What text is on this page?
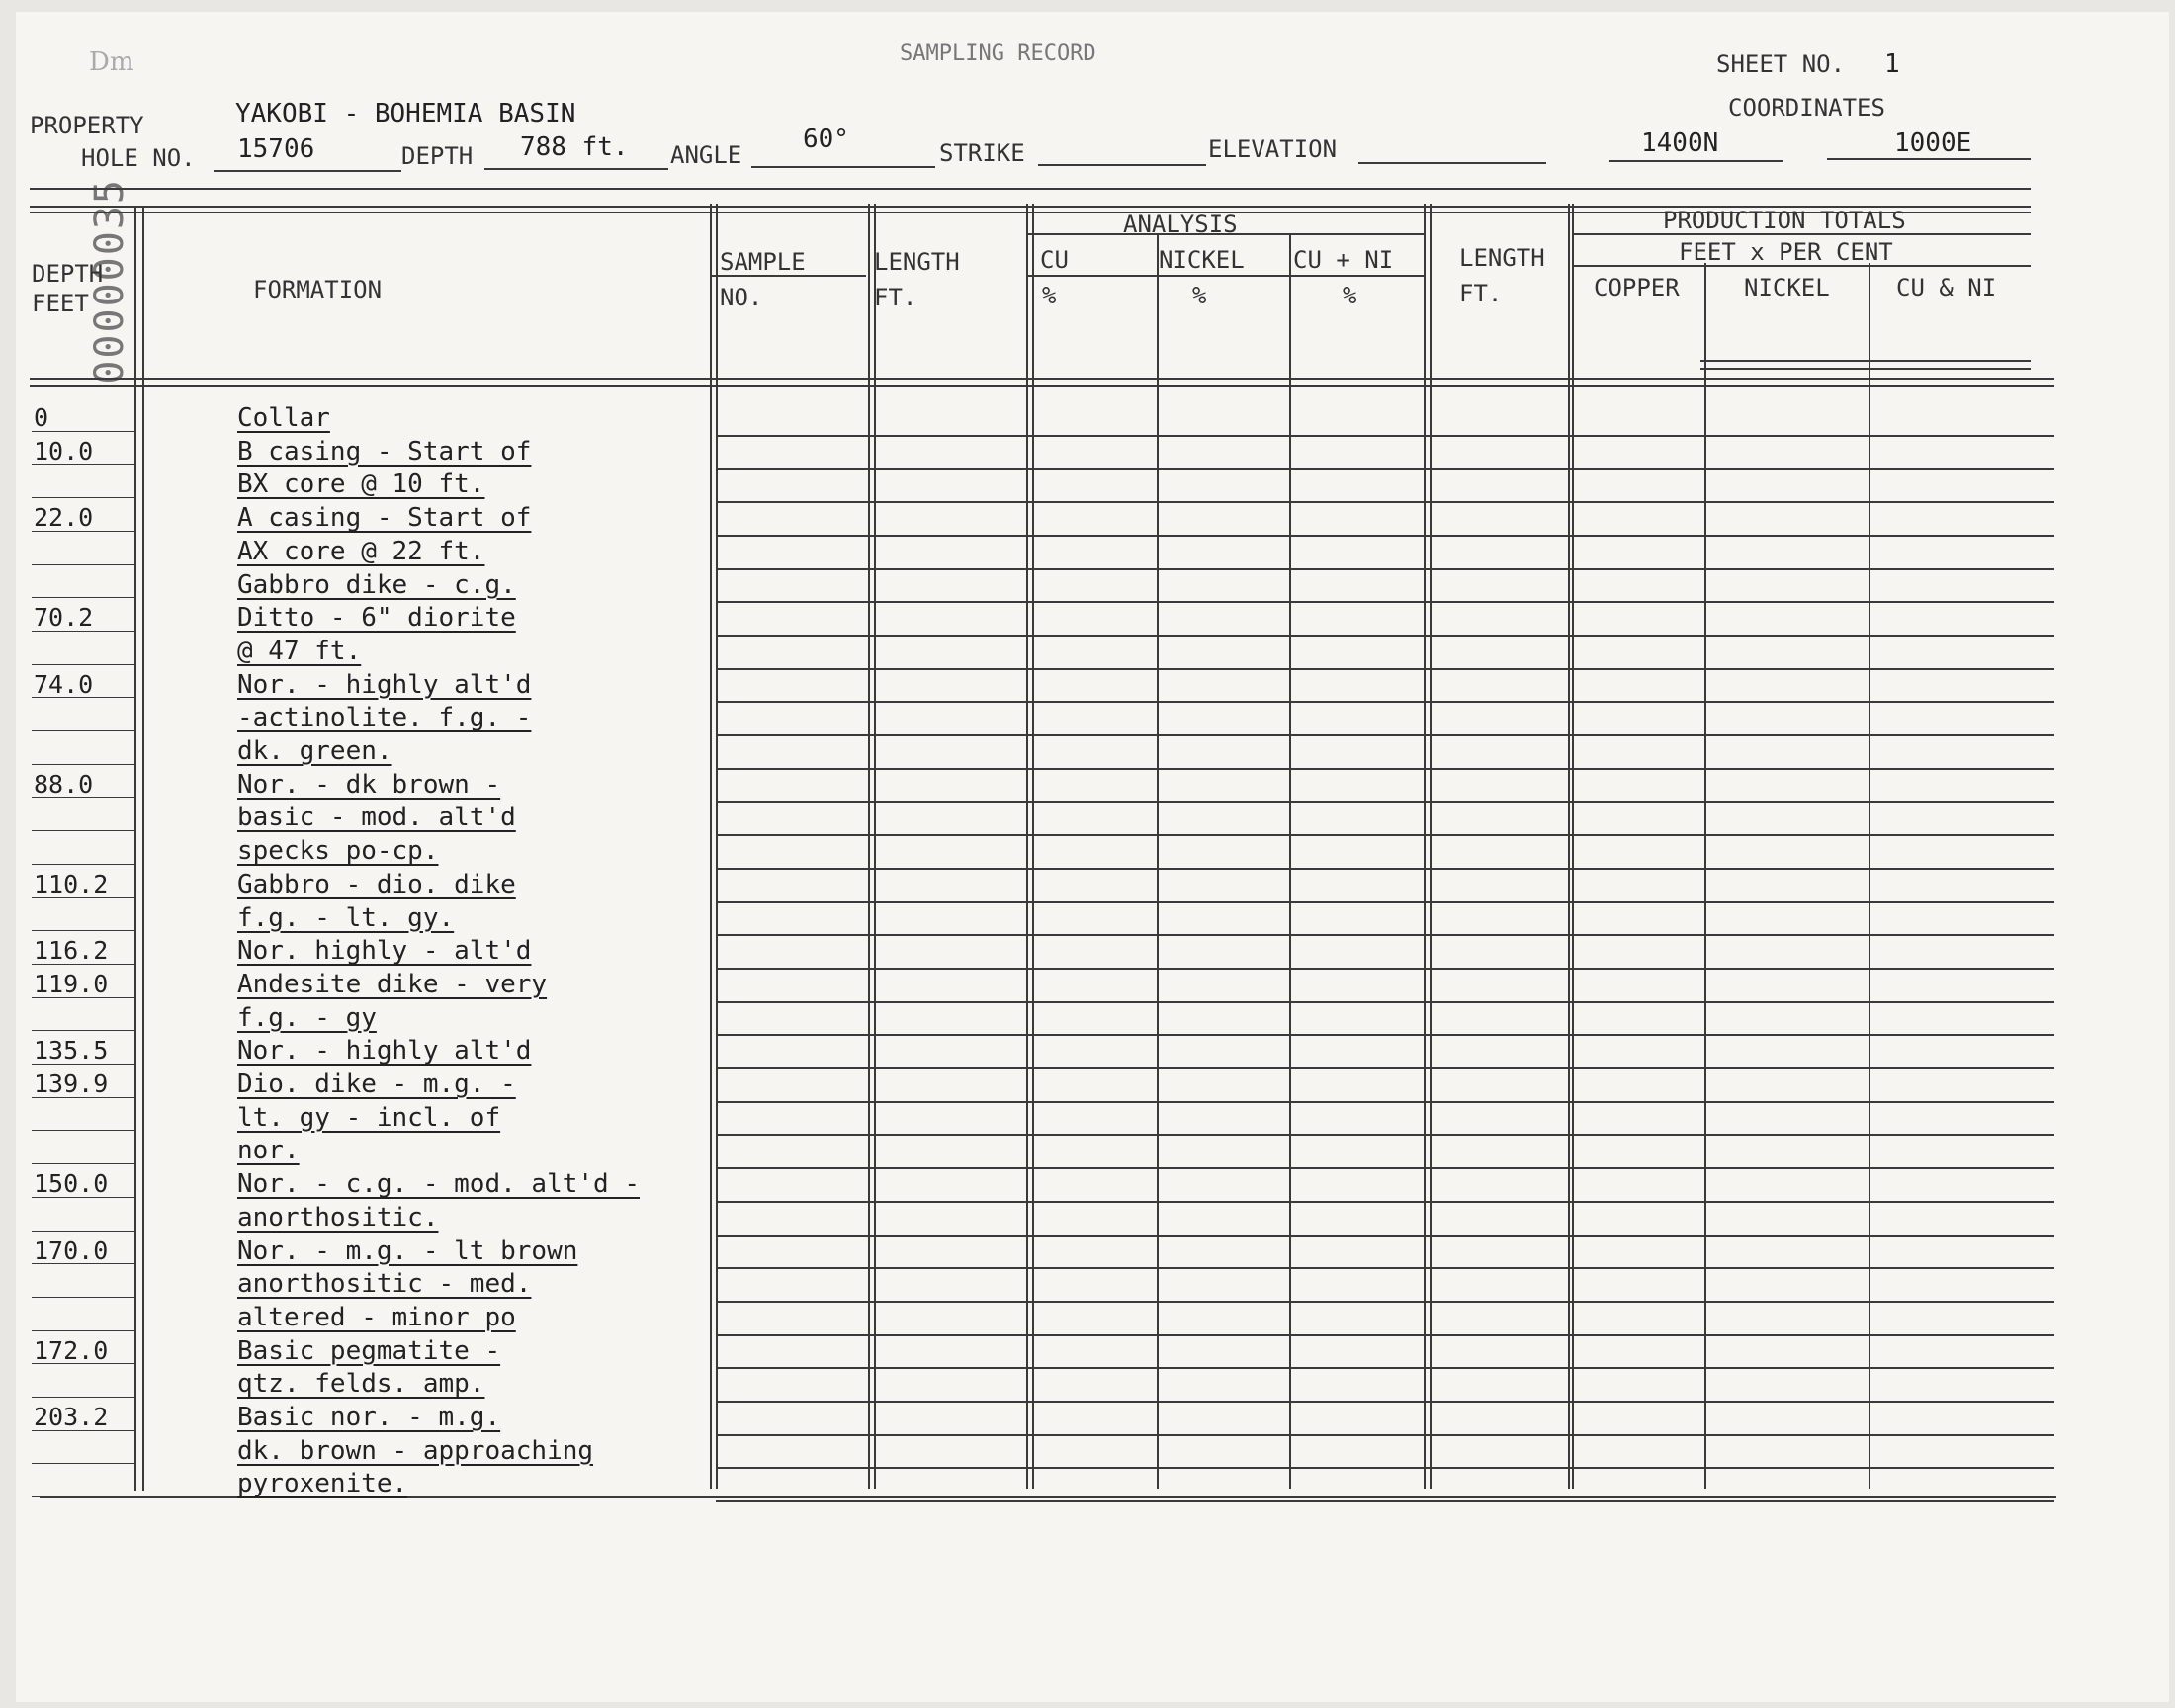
SAMPLING RECORD
Dm	SHEET NO. 1
COORDINATES
PROPERTY	YAKOBI - BOHEMIA BASIN
HOLE NO. 15706	DEPTH 788 ft. ANGLE
60°	STRIKE	ELEVATION	1400N	1000E
00000035
DEPTH
FEET	FORMATION
SAMPLE
NO.
LENGTH
FT.
ANALYSIS
CU
%
NICKEL
%
CU + NI
%
LENGTH
FT.
PRODUCTION TOTALS
FEET x PER CENT
COPPER	NICKEL	CU & NI
0	Collar
10.0	B casing - Start of
BX core @ 10 ft.
22.0	A casing - Start of
AX core @ 22 ft.
Gabbro dike - c.g.
70.2	Ditto - 6" diorite
@ 47 ft.
74.0	Nor. - highly alt'd
-actinolite. f.g. -
dk. green.
88.0	Nor. - dk brown -
basic - mod. alt'd
specks po-cp.
110.2	Gabbro - dio. dike
f.g. - lt. gy.
116.2	Nor. highly - alt'd
119.0	Andesite dike - very
f.g. - gy
135.5	Nor. - highly alt'd
139.9	Dio. dike - m.g. -
lt. gy - incl. of
nor.
150.0	Nor. - c.g. - mod. alt'd -
anorthositic.
170.0	Nor. - m.g. - lt brown
anorthositic - med.
altered - minor po
172.0	Basic pegmatite -
qtz. felds. amp.
203.2	Basic nor. - m.g.
dk. brown - approaching
pyroxenite.
